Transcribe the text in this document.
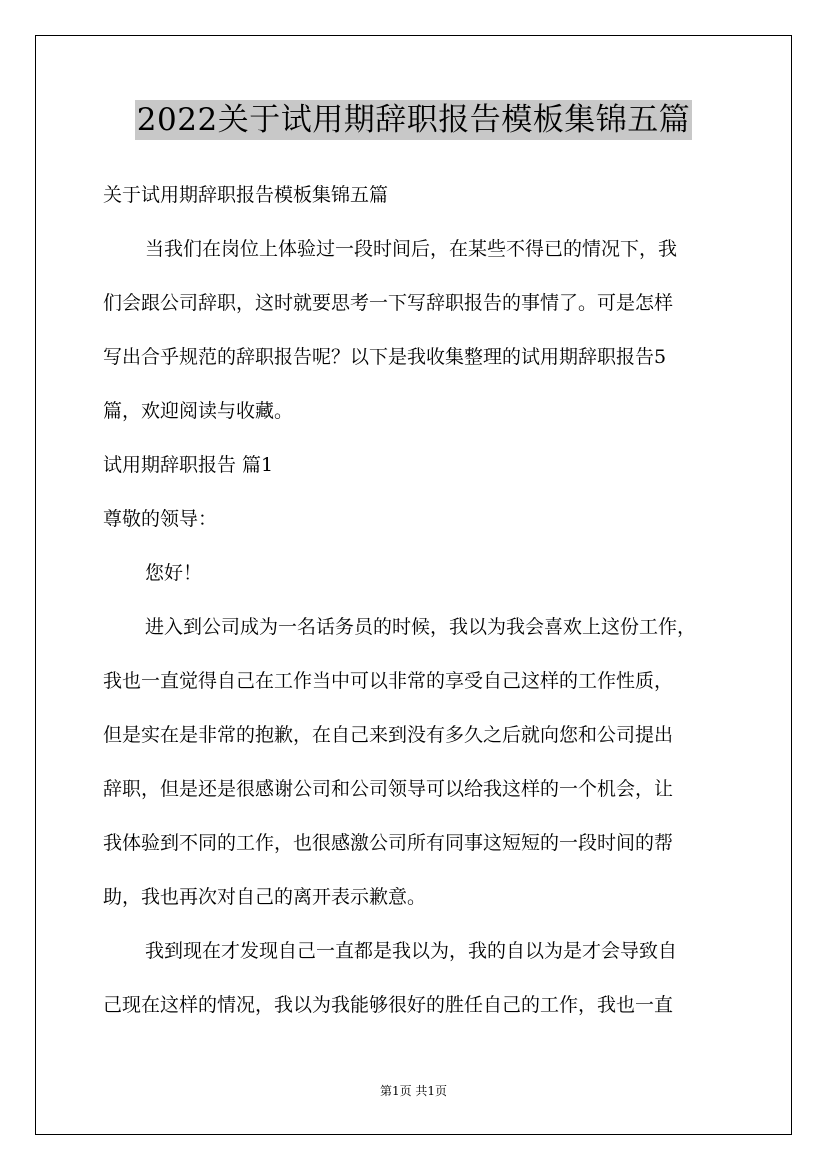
2022关于试用期辞职报告模板集锦五篇
关于试用期辞职报告模板集锦五篇
当我们在岗位上体验过一段时间后，在某些不得已的情况下，我
们会跟公司辞职，这时就要思考一下写辞职报告的事情了。可是怎样
写出合乎规范的辞职报告呢？以下是我收集整理的试用期辞职报告5
篇，欢迎阅读与收藏。
试用期辞职报告 篇1
尊敬的领导：
您好！
进入到公司成为一名话务员的时候，我以为我会喜欢上这份工作，
我也一直觉得自己在工作当中可以非常的享受自己这样的工作性质，
但是实在是非常的抱歉，在自己来到没有多久之后就向您和公司提出
辞职，但是还是很感谢公司和公司领导可以给我这样的一个机会，让
我体验到不同的工作，也很感激公司所有同事这短短的一段时间的帮
助，我也再次对自己的离开表示歉意。
我到现在才发现自己一直都是我以为，我的自以为是才会导致自
己现在这样的情况，我以为我能够很好的胜任自己的工作，我也一直
第1页 共1页
